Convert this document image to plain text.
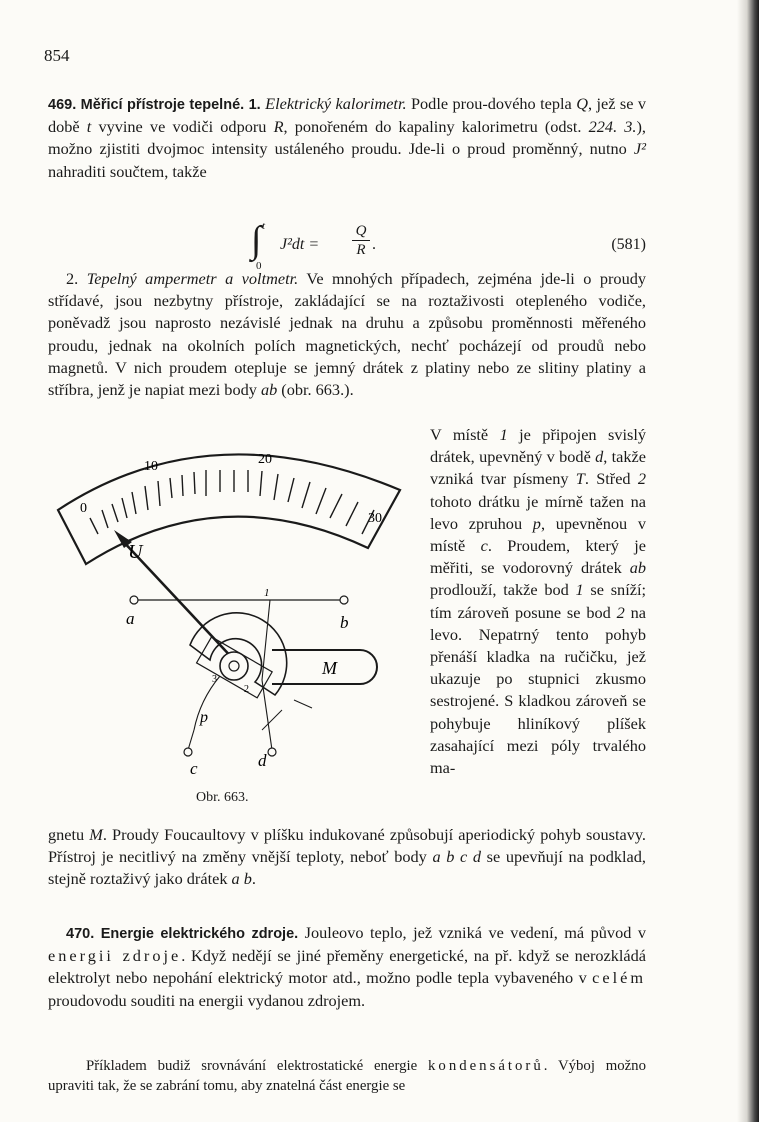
854
469. Měřicí přístroje tepelné. 1. Elektrický kalorimetr. Podle prou-dového tepla Q, jež se v době t vyvine ve vodiči odporu R, ponořeném do kapaliny kalorimetru (odst. 224. 3.), možno zjistiti dvojmoc intensity ustáleného proudu. Jde-li o proud proměnný, nutno J² nahraditi součtem, takže
∫ t
0
$J^2dt = \frac{Q}{R}$ .	(581)
2. Tepelný ampermetr a voltmetr. Ve mnohých případech, zejména jde-li o proudy střídavé, jsou nezbytny přístroje, zakládající se na roztaživosti oteplenéhо vodiče, poněvadž jsou naprosto nezávislé jednak na druhu a způsobu proměnnosti měřeného proudu, jednak na okolních polích magnetických, nechť pocházejí od proudů nebo magnetů. V nich proudem otepluje se jemný drátek z platiny nebo ze slitiny platiny a stříbra, jenž je napiat mezi body ab (obr. 663.).
V místě 1 je připojen svislý drátek, upevněný v bodě d, takže vzniká tvar písmeny T. Střed 2 tohoto drátku je mírně tažen na levo zpruhou p, upevněnou v místě c. Proudem, který je měřiti, se vodorovný drátek ab prodlouží, takže bod 1 se sníží; tím zároveň posune se bod 2 na levo. Nepatrný tento pohyb přenáší kladka na ručičku, jež ukazuje po stupnici zkusmo sestrojené. S kladkou zároveň se pohybuje hliníkový plíšek zasahající mezi póly trvalého ma-
0
10	20
30
U
a	b
1
3
2
M
p
c	d
Obr. 663.
gnetu M. Proudy Foucaultovy v plíšku indukované způsobují aperiodický pohyb soustavy. Přístroj je necitlivý na změny vnější teploty, neboť body a b c d se upevňují na podklad, stejně roztaživý jako drátek a b.
470. Energie elektrického zdroje. Jouleovo teplo, jež vzniká ve vedení, má původ v energii zdroje. Když nedějí se jiné přeměny energetické, na př. když se nerozkládá elektrolyt nebo nepohání elektrický motor atd., možno podle tepla vybaveného v celém proudovodu souditi na energii vydanou zdrojem.
Příkladem budiž srovnávání elektrostatické energie kondensátorů. Výboj možno upraviti tak, že se zabrání tomu, aby znatelná část energie se
